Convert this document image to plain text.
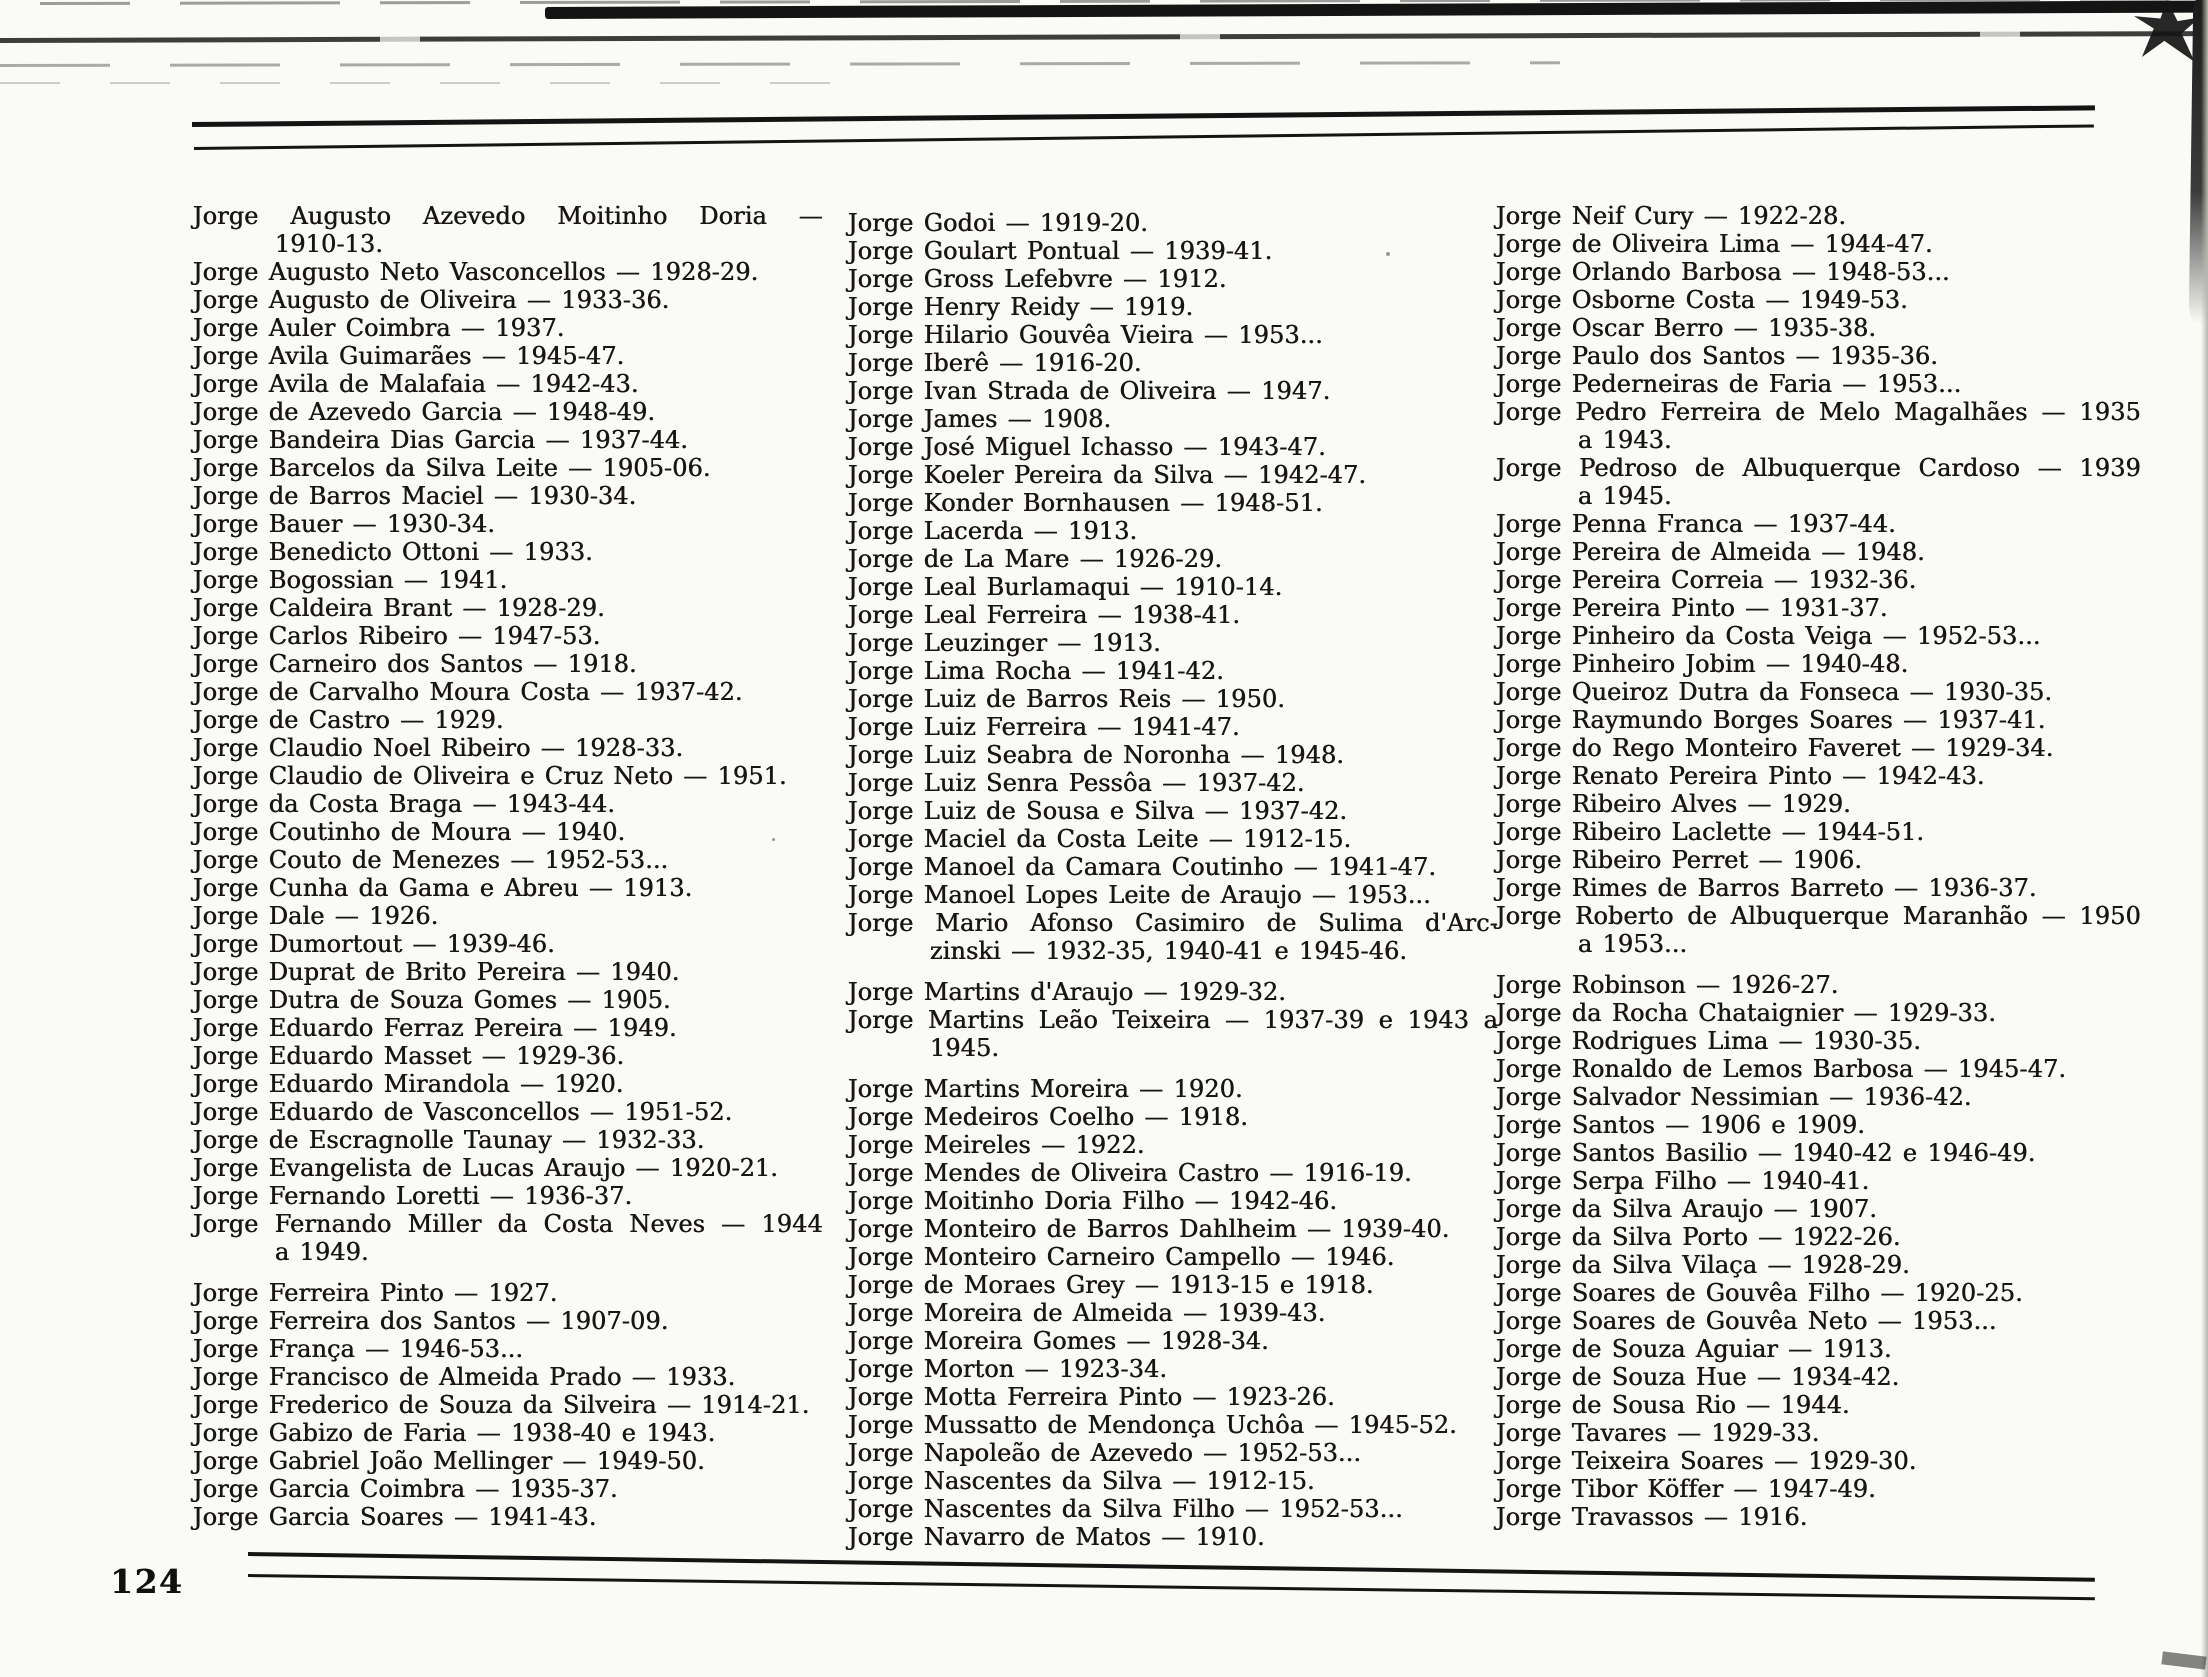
Jorge Augusto Azevedo Moitinho Doria —
1910-13.
Jorge Augusto Neto Vasconcellos — 1928-29.
Jorge Augusto de Oliveira — 1933-36.
Jorge Auler Coimbra — 1937.
Jorge Avila Guimarães — 1945-47.
Jorge Avila de Malafaia — 1942-43.
Jorge de Azevedo Garcia — 1948-49.
Jorge Bandeira Dias Garcia — 1937-44.
Jorge Barcelos da Silva Leite — 1905-06.
Jorge de Barros Maciel — 1930-34.
Jorge Bauer — 1930-34.
Jorge Benedicto Ottoni — 1933.
Jorge Bogossian — 1941.
Jorge Caldeira Brant — 1928-29.
Jorge Carlos Ribeiro — 1947-53.
Jorge Carneiro dos Santos — 1918.
Jorge de Carvalho Moura Costa — 1937-42.
Jorge de Castro — 1929.
Jorge Claudio Noel Ribeiro — 1928-33.
Jorge Claudio de Oliveira e Cruz Neto — 1951.
Jorge da Costa Braga — 1943-44.
Jorge Coutinho de Moura — 1940.
Jorge Couto de Menezes — 1952-53...
Jorge Cunha da Gama e Abreu — 1913.
Jorge Dale — 1926.
Jorge Dumortout — 1939-46.
Jorge Duprat de Brito Pereira — 1940.
Jorge Dutra de Souza Gomes — 1905.
Jorge Eduardo Ferraz Pereira — 1949.
Jorge Eduardo Masset — 1929-36.
Jorge Eduardo Mirandola — 1920.
Jorge Eduardo de Vasconcellos — 1951-52.
Jorge de Escragnolle Taunay — 1932-33.
Jorge Evangelista de Lucas Araujo — 1920-21.
Jorge Fernando Loretti — 1936-37.
Jorge Fernando Miller da Costa Neves — 1944
a 1949.
Jorge Ferreira Pinto — 1927.
Jorge Ferreira dos Santos — 1907-09.
Jorge França — 1946-53...
Jorge Francisco de Almeida Prado — 1933.
Jorge Frederico de Souza da Silveira — 1914-21.
Jorge Gabizo de Faria — 1938-40 e 1943.
Jorge Gabriel João Mellinger — 1949-50.
Jorge Garcia Coimbra — 1935-37.
Jorge Garcia Soares — 1941-43.
Jorge Godoi — 1919-20.
Jorge Goulart Pontual — 1939-41.
Jorge Gross Lefebvre — 1912.
Jorge Henry Reidy — 1919.
Jorge Hilario Gouvêa Vieira — 1953...
Jorge Iberê — 1916-20.
Jorge Ivan Strada de Oliveira — 1947.
Jorge James — 1908.
Jorge José Miguel Ichasso — 1943-47.
Jorge Koeler Pereira da Silva — 1942-47.
Jorge Konder Bornhausen — 1948-51.
Jorge Lacerda — 1913.
Jorge de La Mare — 1926-29.
Jorge Leal Burlamaqui — 1910-14.
Jorge Leal Ferreira — 1938-41.
Jorge Leuzinger — 1913.
Jorge Lima Rocha — 1941-42.
Jorge Luiz de Barros Reis — 1950.
Jorge Luiz Ferreira — 1941-47.
Jorge Luiz Seabra de Noronha — 1948.
Jorge Luiz Senra Pessôa — 1937-42.
Jorge Luiz de Sousa e Silva — 1937-42.
Jorge Maciel da Costa Leite — 1912-15.
Jorge Manoel da Camara Coutinho — 1941-47.
Jorge Manoel Lopes Leite de Araujo — 1953...
Jorge Mario Afonso Casimiro de Sulima d'Arc-
zinski — 1932-35, 1940-41 e 1945-46.
Jorge Martins d'Araujo — 1929-32.
Jorge Martins Leão Teixeira — 1937-39 e 1943 a
1945.
Jorge Martins Moreira — 1920.
Jorge Medeiros Coelho — 1918.
Jorge Meireles — 1922.
Jorge Mendes de Oliveira Castro — 1916-19.
Jorge Moitinho Doria Filho — 1942-46.
Jorge Monteiro de Barros Dahlheim — 1939-40.
Jorge Monteiro Carneiro Campello — 1946.
Jorge de Moraes Grey — 1913-15 e 1918.
Jorge Moreira de Almeida — 1939-43.
Jorge Moreira Gomes — 1928-34.
Jorge Morton — 1923-34.
Jorge Motta Ferreira Pinto — 1923-26.
Jorge Mussatto de Mendonça Uchôa — 1945-52.
Jorge Napoleão de Azevedo — 1952-53...
Jorge Nascentes da Silva — 1912-15.
Jorge Nascentes da Silva Filho — 1952-53...
Jorge Navarro de Matos — 1910.
Jorge Neif Cury — 1922-28.
Jorge de Oliveira Lima — 1944-47.
Jorge Orlando Barbosa — 1948-53...
Jorge Osborne Costa — 1949-53.
Jorge Oscar Berro — 1935-38.
Jorge Paulo dos Santos — 1935-36.
Jorge Pederneiras de Faria — 1953...
Jorge Pedro Ferreira de Melo Magalhães — 1935
a 1943.
Jorge Pedroso de Albuquerque Cardoso — 1939
a 1945.
Jorge Penna Franca — 1937-44.
Jorge Pereira de Almeida — 1948.
Jorge Pereira Correia — 1932-36.
Jorge Pereira Pinto — 1931-37.
Jorge Pinheiro da Costa Veiga — 1952-53...
Jorge Pinheiro Jobim — 1940-48.
Jorge Queiroz Dutra da Fonseca — 1930-35.
Jorge Raymundo Borges Soares — 1937-41.
Jorge do Rego Monteiro Faveret — 1929-34.
Jorge Renato Pereira Pinto — 1942-43.
Jorge Ribeiro Alves — 1929.
Jorge Ribeiro Laclette — 1944-51.
Jorge Ribeiro Perret — 1906.
Jorge Rimes de Barros Barreto — 1936-37.
Jorge Roberto de Albuquerque Maranhão — 1950
a 1953...
Jorge Robinson — 1926-27.
Jorge da Rocha Chataignier — 1929-33.
Jorge Rodrigues Lima — 1930-35.
Jorge Ronaldo de Lemos Barbosa — 1945-47.
Jorge Salvador Nessimian — 1936-42.
Jorge Santos — 1906 e 1909.
Jorge Santos Basilio — 1940-42 e 1946-49.
Jorge Serpa Filho — 1940-41.
Jorge da Silva Araujo — 1907.
Jorge da Silva Porto — 1922-26.
Jorge da Silva Vilaça — 1928-29.
Jorge Soares de Gouvêa Filho — 1920-25.
Jorge Soares de Gouvêa Neto — 1953...
Jorge de Souza Aguiar — 1913.
Jorge de Souza Hue — 1934-42.
Jorge de Sousa Rio — 1944.
Jorge Tavares — 1929-33.
Jorge Teixeira Soares — 1929-30.
Jorge Tibor Köffer — 1947-49.
Jorge Travassos — 1916.
124
